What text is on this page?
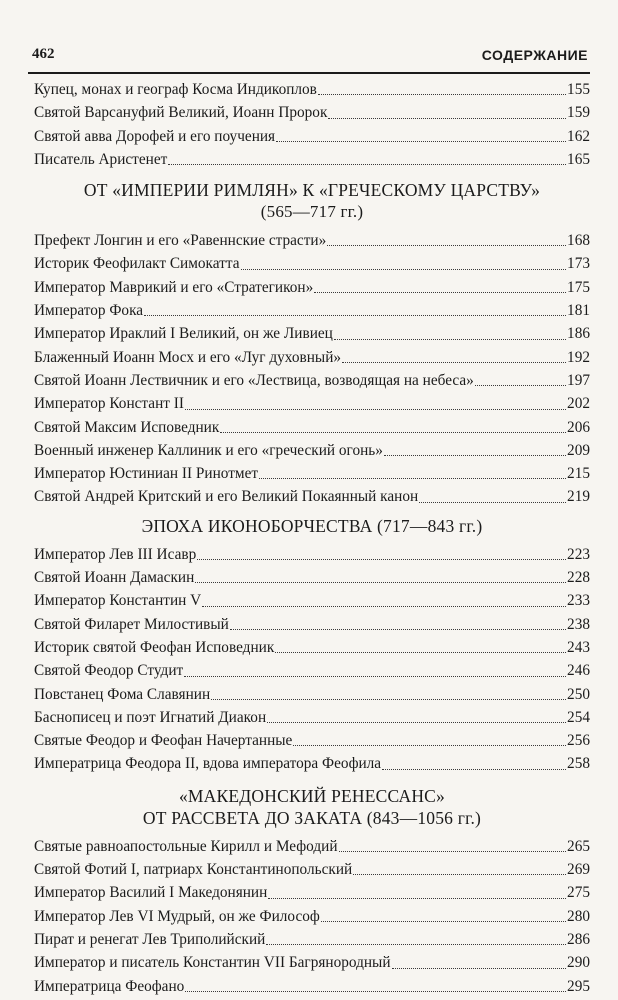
462	СОДЕРЖАНИЕ
Купец, монах и географ Косма Индикоплов	155
Святой Варсануфий Великий, Иоанн Пророк	159
Святой авва Дорофей и его поучения	162
Писатель Аристенет	165
ОТ «ИМПЕРИИ РИМЛЯН» К «ГРЕЧЕСКОМУ ЦАРСТВУ»
(565—717 гг.)
Префект Лонгин и его «Равеннские страсти»	168
Историк Феофилакт Симокатта	173
Император Маврикий и его «Стратегикон»	175
Император Фока	181
Император Ираклий I Великий, он же Ливиец	186
Блаженный Иоанн Мосх и его «Луг духовный»	192
Святой Иоанн Лествичник и его «Лествица, возводящая на небеса»	197
Император Констант II	202
Святой Максим Исповедник	206
Военный инженер Каллиник и его «греческий огонь»	209
Император Юстиниан II Ринотмет	215
Святой Андрей Критский и его Великий Покаянный канон	219
ЭПОХА ИКОНОБОРЧЕСТВА (717—843 гг.)
Император Лев III Исавр	223
Святой Иоанн Дамаскин	228
Император Константин V	233
Святой Филарет Милостивый	238
Историк святой Феофан Исповедник	243
Святой Феодор Студит	246
Повстанец Фома Славянин	250
Баснописец и поэт Игнатий Диакон	254
Святые Феодор и Феофан Начертанные	256
Императрица Феодора II, вдова императора Феофила	258
«МАКЕДОНСКИЙ РЕНЕССАНС»
ОТ РАССВЕТА ДО ЗАКАТА (843—1056 гг.)
Святые равноапостольные Кирилл и Мефодий	265
Святой Фотий I, патриарх Константинопольский	269
Император Василий I Македонянин	275
Император Лев VI Мудрый, он же Философ	280
Пират и ренегат Лев Триполийский	286
Император и писатель Константин VII Багрянородный	290
Императрица Феофано	295
